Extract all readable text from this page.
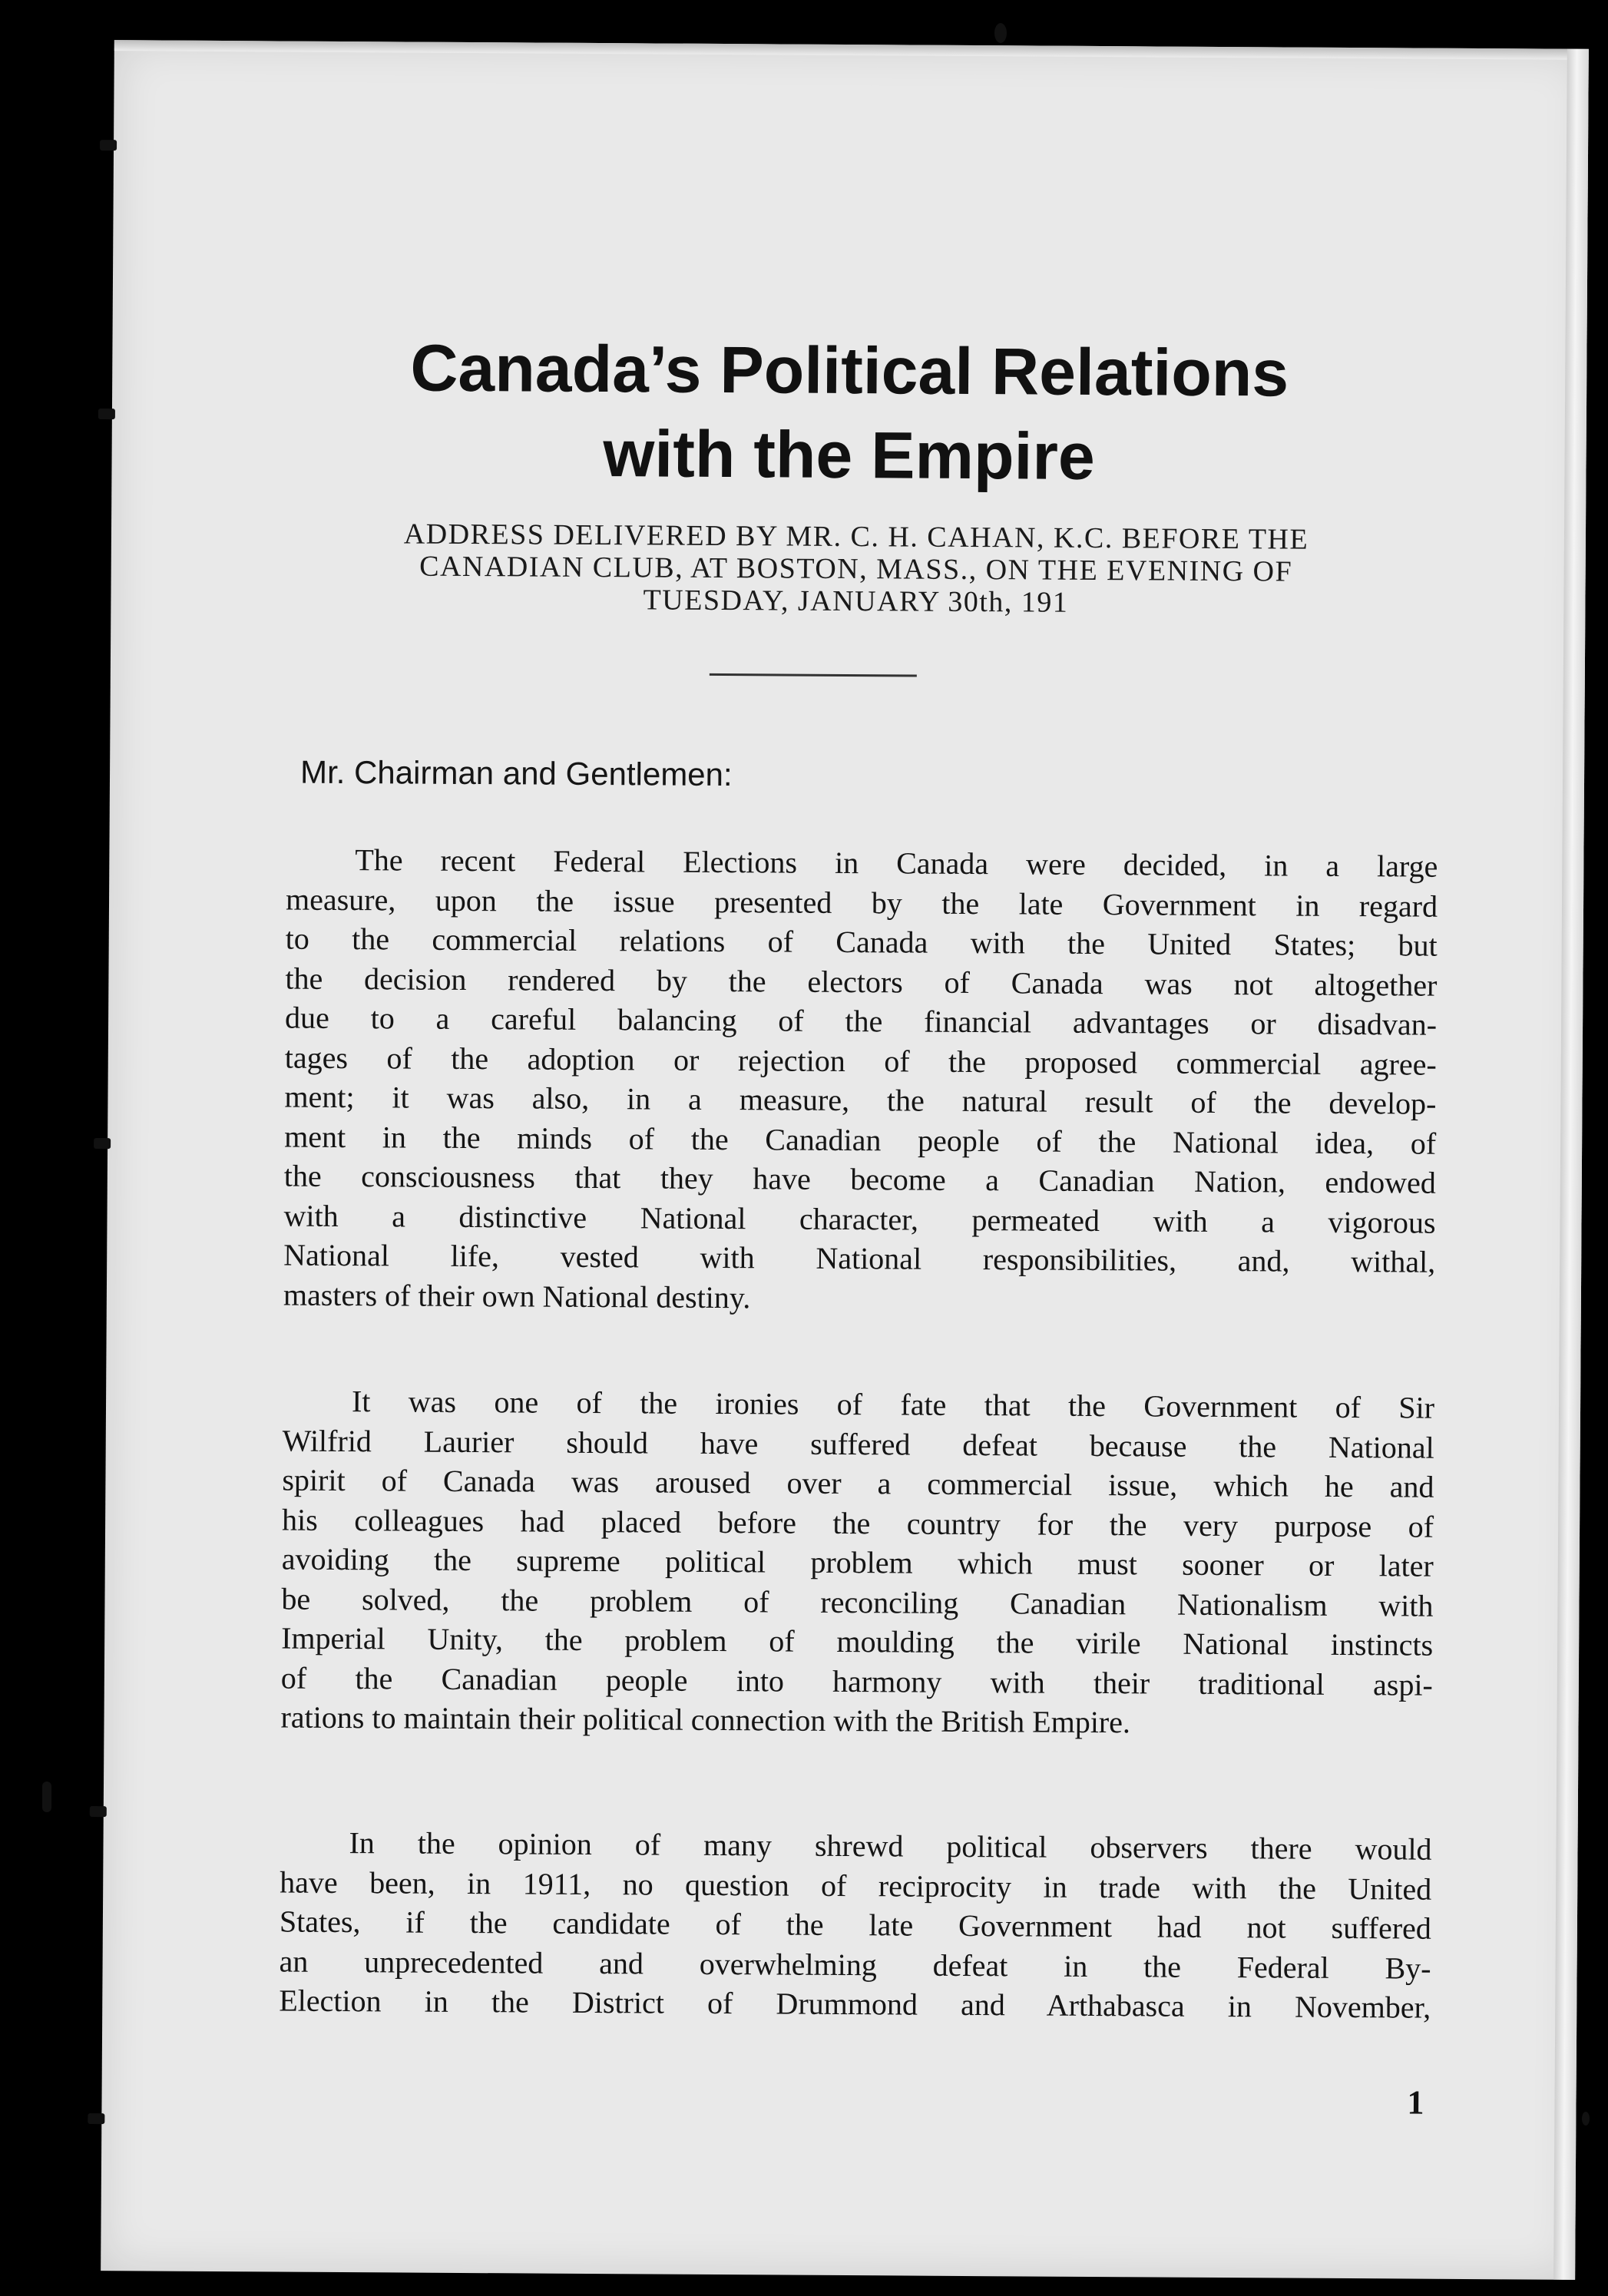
Canada’s Political Relations
with the Empire
ADDRESS DELIVERED BY MR. C. H. CAHAN, K.C. BEFORE THE
CANADIAN CLUB, AT BOSTON, MASS., ON THE EVENING OF
TUESDAY, JANUARY 30th, 191
Mr. Chairman and Gentlemen:
The recent Federal Elections in Canada were decided, in a large
measure, upon the issue presented by the late Government in regard
to the commercial relations of Canada with the United States; but
the decision rendered by the electors of Canada was not altogether
due to a careful balancing of the financial advantages or disadvan-
tages of the adoption or rejection of the proposed commercial agree-
ment; it was also, in a measure, the natural result of the develop-
ment in the minds of the Canadian people of the National idea, of
the consciousness that they have become a Canadian Nation, endowed
with a distinctive National character, permeated with a vigorous
National life, vested with National responsibilities, and, withal,
masters of their own National destiny.
It was one of the ironies of fate that the Government of Sir
Wilfrid Laurier should have suffered defeat because the National
spirit of Canada was aroused over a commercial issue, which he and
his colleagues had placed before the country for the very purpose of
avoiding the supreme political problem which must sooner or later
be solved, the problem of reconciling Canadian Nationalism with
Imperial Unity, the problem of moulding the virile National instincts
of the Canadian people into harmony with their traditional aspi-
rations to maintain their political connection with the British Empire.
In the opinion of many shrewd political observers there would
have been, in 1911, no question of reciprocity in trade with the United
States, if the candidate of the late Government had not suffered
an unprecedented and overwhelming defeat in the Federal By-
Election in the District of Drummond and Arthabasca in November,
1
